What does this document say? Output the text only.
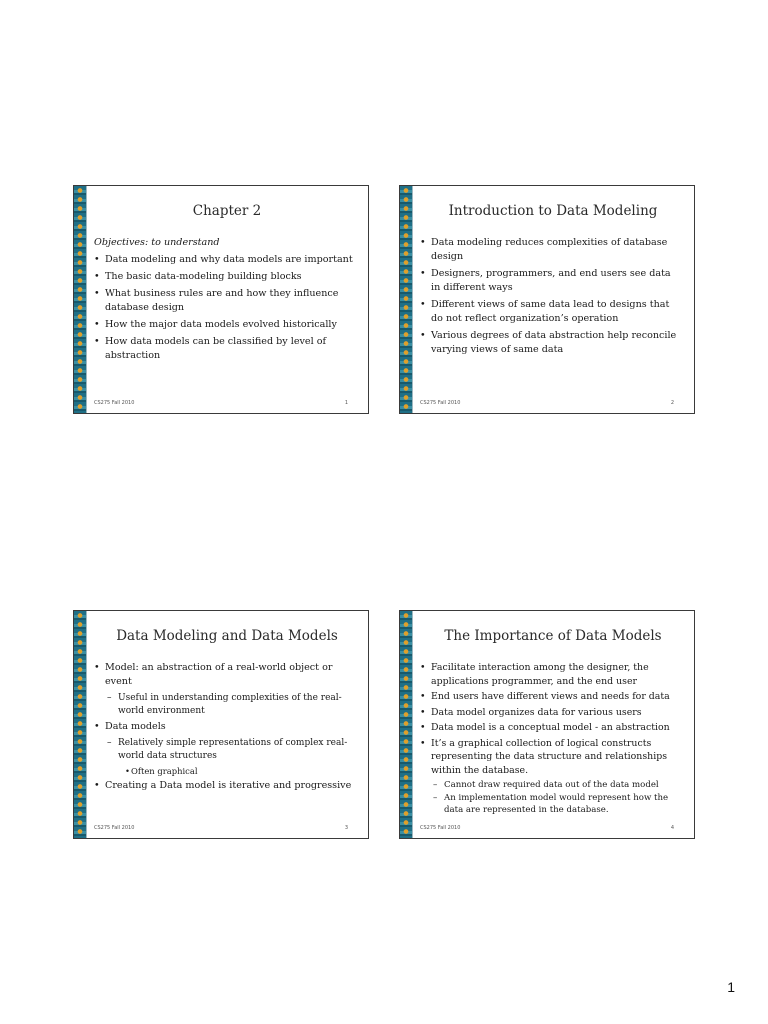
Chapter 2
Objectives: to understand
• Data modeling and why data models are important
• The basic data-modeling building blocks
• What business rules are and how they influence database design
• How the major data models evolved historically
• How data models can be classified by level of abstraction
CS275 Fall 2010	1
Introduction to Data Modeling
• Data modeling reduces complexities of database design
• Designers, programmers, and end users see data in different ways
• Different views of same data lead to designs that do not reflect organization’s operation
• Various degrees of data abstraction help reconcile varying views of same data
CS275 Fall 2010	2
Data Modeling and Data Models
• Model: an abstraction of a real-world object or event
– Useful in understanding complexities of the real-world environment
• Data models
– Relatively simple representations of complex real-world data structures
• Often graphical
• Creating a Data model is iterative and progressive
CS275 Fall 2010	3
The Importance of Data Models
• Facilitate interaction among the designer, the applications programmer, and the end user
• End users have different views and needs for data
• Data model organizes data for various users
• Data model is a conceptual model - an abstraction
• It’s a graphical collection of logical constructs representing the data structure and relationships within the database.
– Cannot draw required data out of the data model
– An implementation model would represent how the data are represented in the database.
CS275 Fall 2010	4
1
